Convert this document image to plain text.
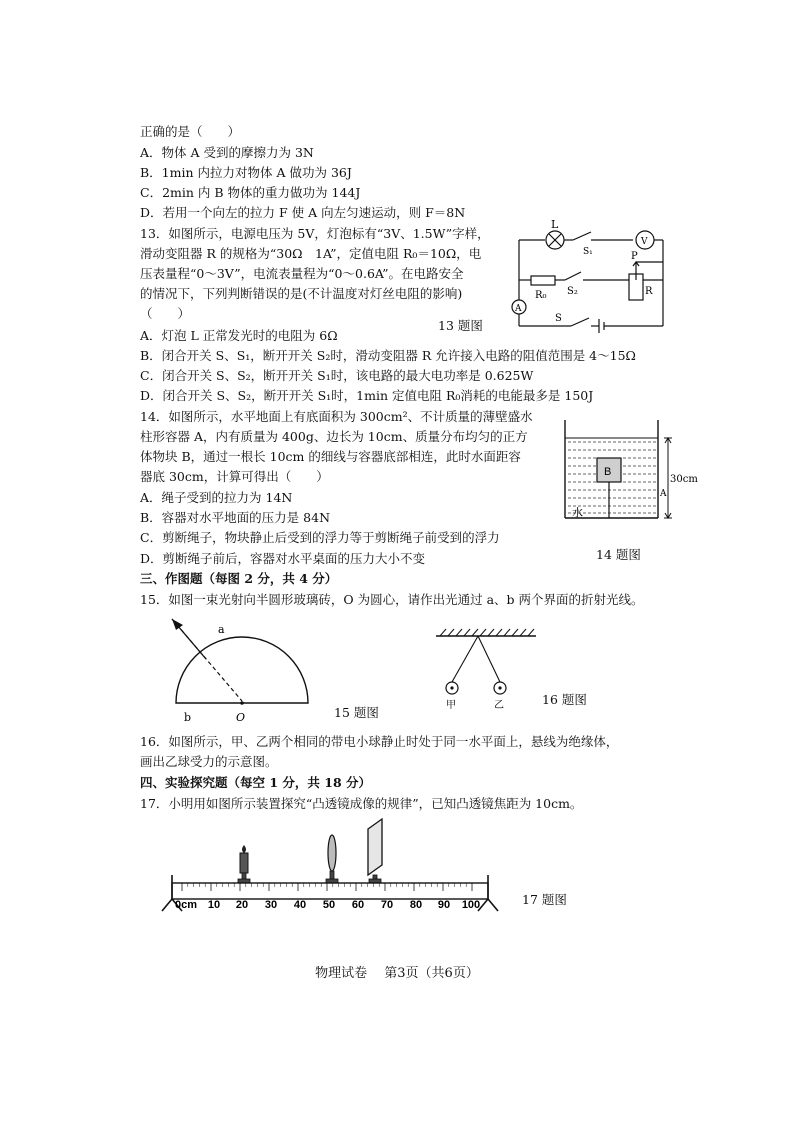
正确的是（　　）
A．物体 A 受到的摩擦力为 3N
B．1min 内拉力对物体 A 做功为 36J
C．2min 内 B 物体的重力做功为 144J
D．若用一个向左的拉力 F 使 A 向左匀速运动，则 F＝8N
13．如图所示，电源电压为 5V，灯泡标有“3V、1.5W”字样，
滑动变阻器 R 的规格为“30Ω　1A”，定值电阻 R₀＝10Ω，电
压表量程“0～3V”，电流表量程为“0～0.6A”。在电路安全
的情况下，下列判断错误的是(不计温度对灯丝电阻的影响)
（　　）
A．灯泡 L 正常发光时的电阻为 6Ω
B．闭合开关 S、S₁，断开开关 S₂时，滑动变阻器 R 允许接入电路的阻值范围是 4～15Ω
C．闭合开关 S、S₂，断开开关 S₁时，该电路的最大电功率是 0.625W
D．闭合开关 S、S₂，断开开关 S₁时，1min 定值电阻 R₀消耗的电能最多是 150J
14．如图所示，水平地面上有底面积为 300cm²、不计质量的薄壁盛水
柱形容器 A，内有质量为 400g、边长为 10cm、质量分布均匀的正方
体物块 B，通过一根长 10cm 的细线与容器底部相连，此时水面距容
器底 30cm，计算可得出（　　）
A．绳子受到的拉力为 14N
B．容器对水平地面的压力是 84N
C．剪断绳子，物块静止后受到的浮力等于剪断绳子前受到的浮力
D．剪断绳子前后，容器对水平桌面的压力大小不变
三、作图题（每图 2 分，共 4 分）
15．如图一束光射向半圆形玻璃砖，O 为圆心，请作出光通过 a、b 两个界面的折射光线。
16．如图所示，甲、乙两个相同的带电小球静止时处于同一水平面上，悬线为绝缘体，
画出乙球受力的示意图。
四、实验探究题（每空 1 分，共 18 分）
17．小明用如图所示装置探究“凸透镜成像的规律”，已知凸透镜焦距为 10cm。
L
S₁
V
R₀ S₂
P
R
A
S
13 题图
B
水
30cm
A
14 题图
a
b	O	15 题图	甲	乙	16 题图
0cm 10 20 30 40 50 60 70 80 90 100	17 题图
物理试卷　 第3页（共6页）
